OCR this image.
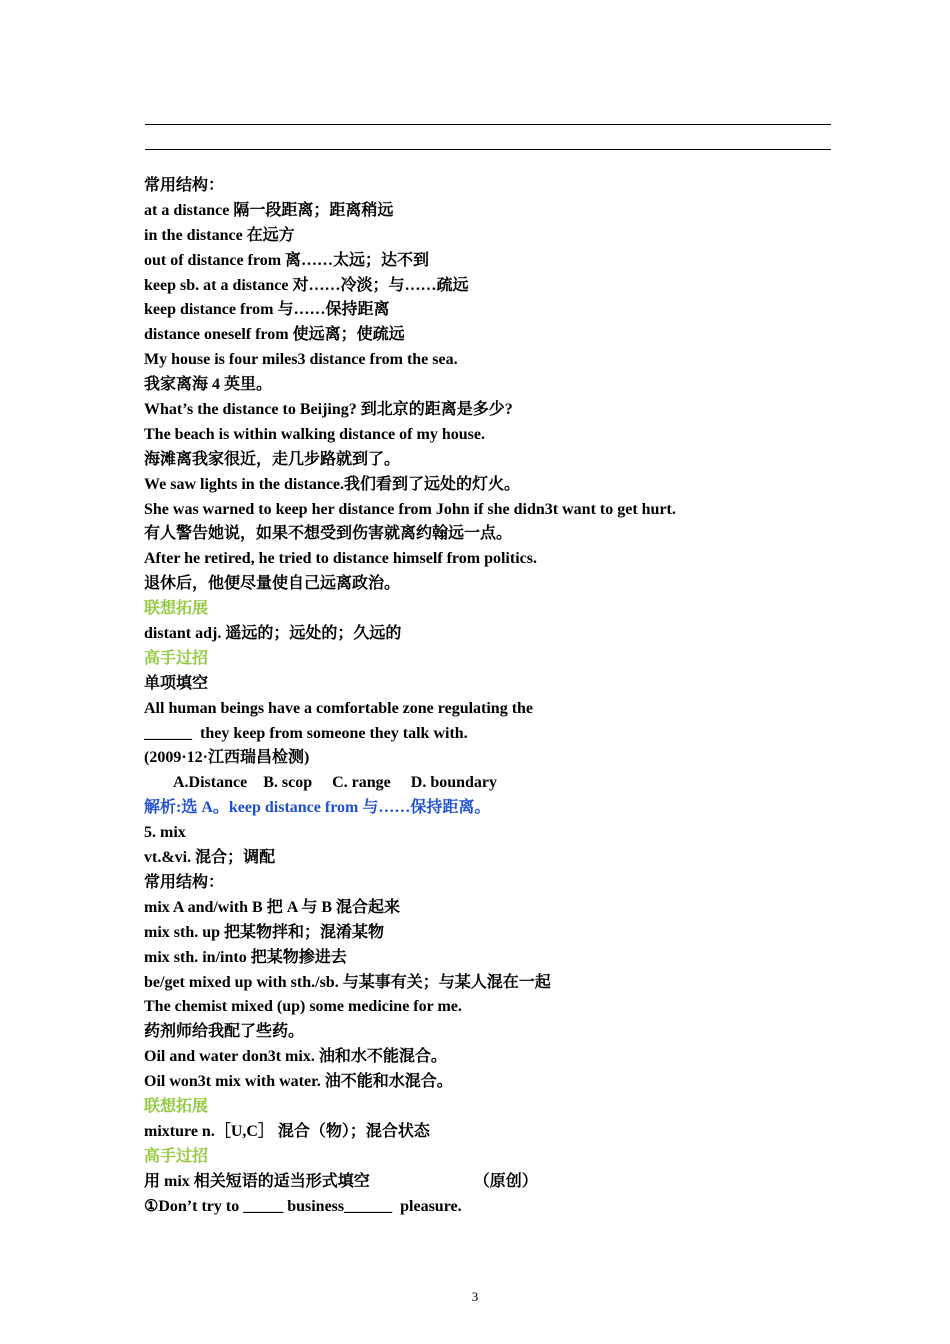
常用结构：
at a distance 隔一段距离；距离稍远
in the distance 在远方
out of distance from 离……太远；达不到
keep sb. at a distance 对……冷淡；与……疏远
keep distance from 与……保持距离
distance oneself from 使远离；使疏远
My house is four miles3 distance from the sea.
我家离海 4 英里。
What’s the distance to Beijing? 到北京的距离是多少?
The beach is within walking distance of my house.
海滩离我家很近，走几步路就到了。
We saw lights in the distance.我们看到了远处的灯火。
She was warned to keep her distance from John if she didn3t want to get hurt.
有人警告她说，如果不想受到伤害就离约翰远一点。
After he retired, he tried to distance himself from politics.
退休后，他便尽量使自己远离政治。
联想拓展
distant adj. 遥远的；远处的；久远的
高手过招
单项填空
All human beings have a comfortable zone regulating the
______  they keep from someone they talk with.
(2009·12·江西瑞昌检测)
A.Distance    B. scop     C. range     D. boundary
解析:选 A。keep distance from 与……保持距离。
5. mix
vt.&vi. 混合；调配
常用结构：
mix A and/with B 把 A 与 B 混合起来
mix sth. up 把某物拌和；混淆某物
mix sth. in/into 把某物掺进去
be/get mixed up with sth./sb. 与某事有关；与某人混在一起
The chemist mixed (up) some medicine for me.
药剂师给我配了些药。
Oil and water don3t mix. 油和水不能混合。
Oil won3t mix with water. 油不能和水混合。
联想拓展
mixture n.［U,C］ 混合（物）；混合状态
高手过招
用 mix 相关短语的适当形式填空                          （原创）
①Don’t try to _____ business______  pleasure.
3
